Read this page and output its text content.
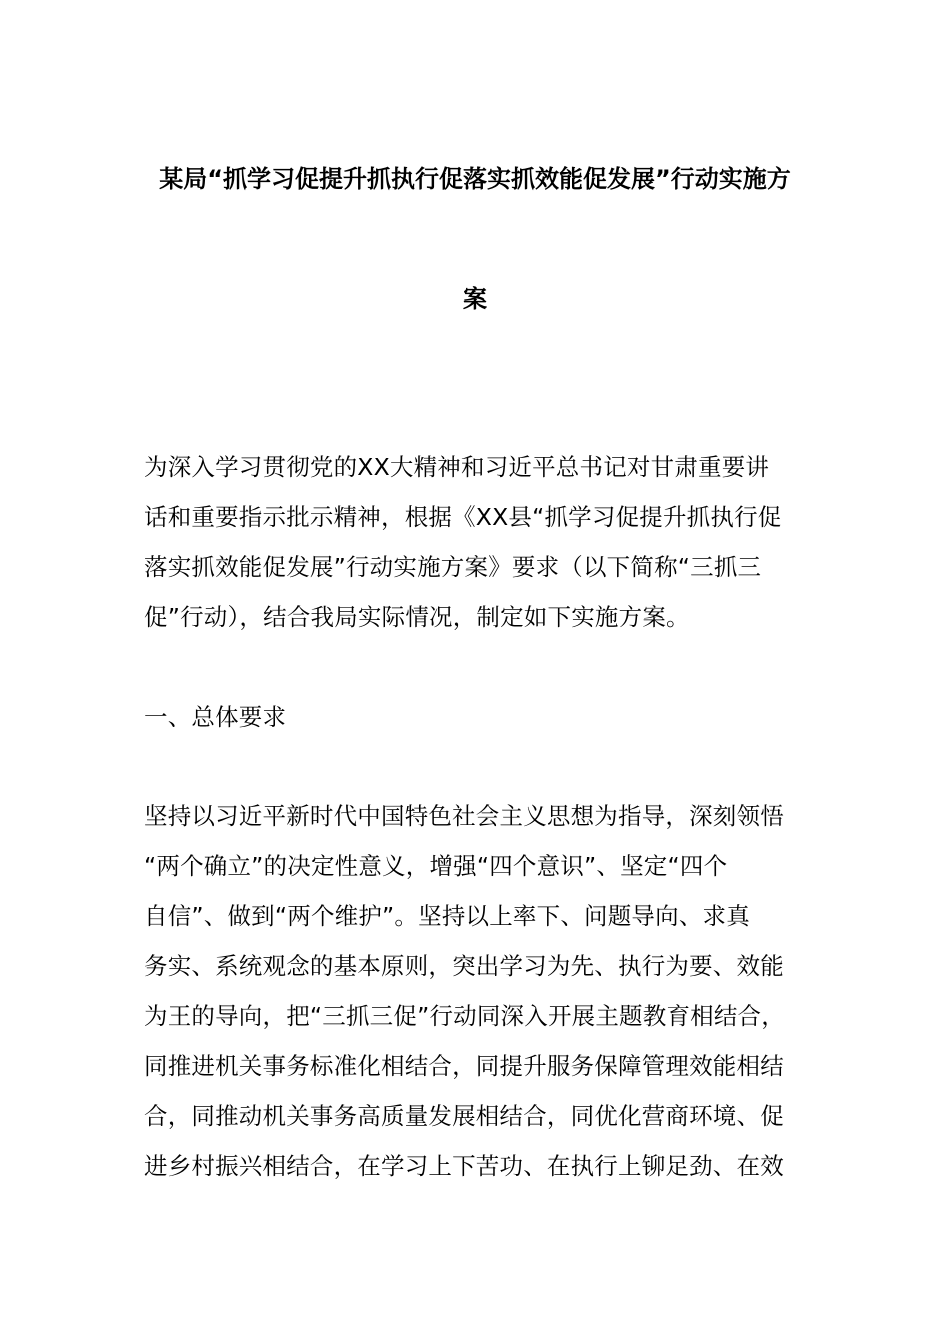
某局“抓学习促提升抓执行促落实抓效能促发展”行动实施方
案
为深入学习贯彻党的XX大精神和习近平总书记对甘肃重要讲
话和重要指示批示精神，根据《XX县“抓学习促提升抓执行促
落实抓效能促发展”行动实施方案》要求（以下简称“三抓三
促”行动），结合我局实际情况，制定如下实施方案。
一、总体要求
坚持以习近平新时代中国特色社会主义思想为指导，深刻领悟
“两个确立”的决定性意义，增强“四个意识”、坚定“四个
自信”、做到“两个维护”。坚持以上率下、问题导向、求真
务实、系统观念的基本原则，突出学习为先、执行为要、效能
为王的导向，把“三抓三促”行动同深入开展主题教育相结合，
同推进机关事务标准化相结合，同提升服务保障管理效能相结
合，同推动机关事务高质量发展相结合，同优化营商环境、促
进乡村振兴相结合，在学习上下苦功、在执行上铆足劲、在效
